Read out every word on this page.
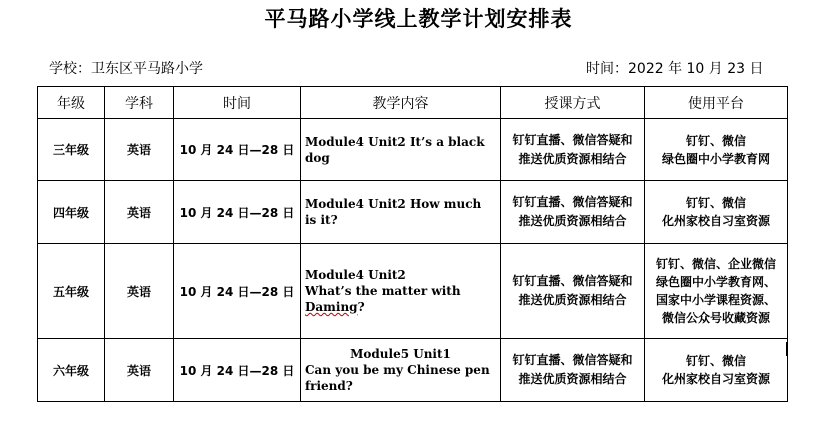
平马路小学线上教学计划安排表
学校：卫东区平马路小学	时间：2022 年 10 月 23 日
年级	学科	时间	教学内容	授课方式	使用平台
三年级	英语	10 月 24 日—28 日	Module4 Unit2 It’s a black dog	钉钉直播、微信答疑和
推送优质资源相结合	钉钉、微信
绿色圈中小学教育网

四年级	英语	10 月 24 日—28 日	Module4 Unit2 How much is it?	钉钉直播、微信答疑和
推送优质资源相结合	钉钉、微信
化州家校自习室资源

五年级	英语	10 月 24 日—28 日	Module4 Unit2
What’s the matter with Daming?	钉钉直播、微信答疑和
推送优质资源相结合	钉钉、微信、企业微信
绿色圈中小学教育网、
国家中小学课程资源、
微信公众号收藏资源

六年级	英语	10 月 24 日—28 日	Module5 Unit1
Can you be my Chinese pen
friend?	钉钉直播、微信答疑和
推送优质资源相结合	钉钉、微信
化州家校自习室资源
